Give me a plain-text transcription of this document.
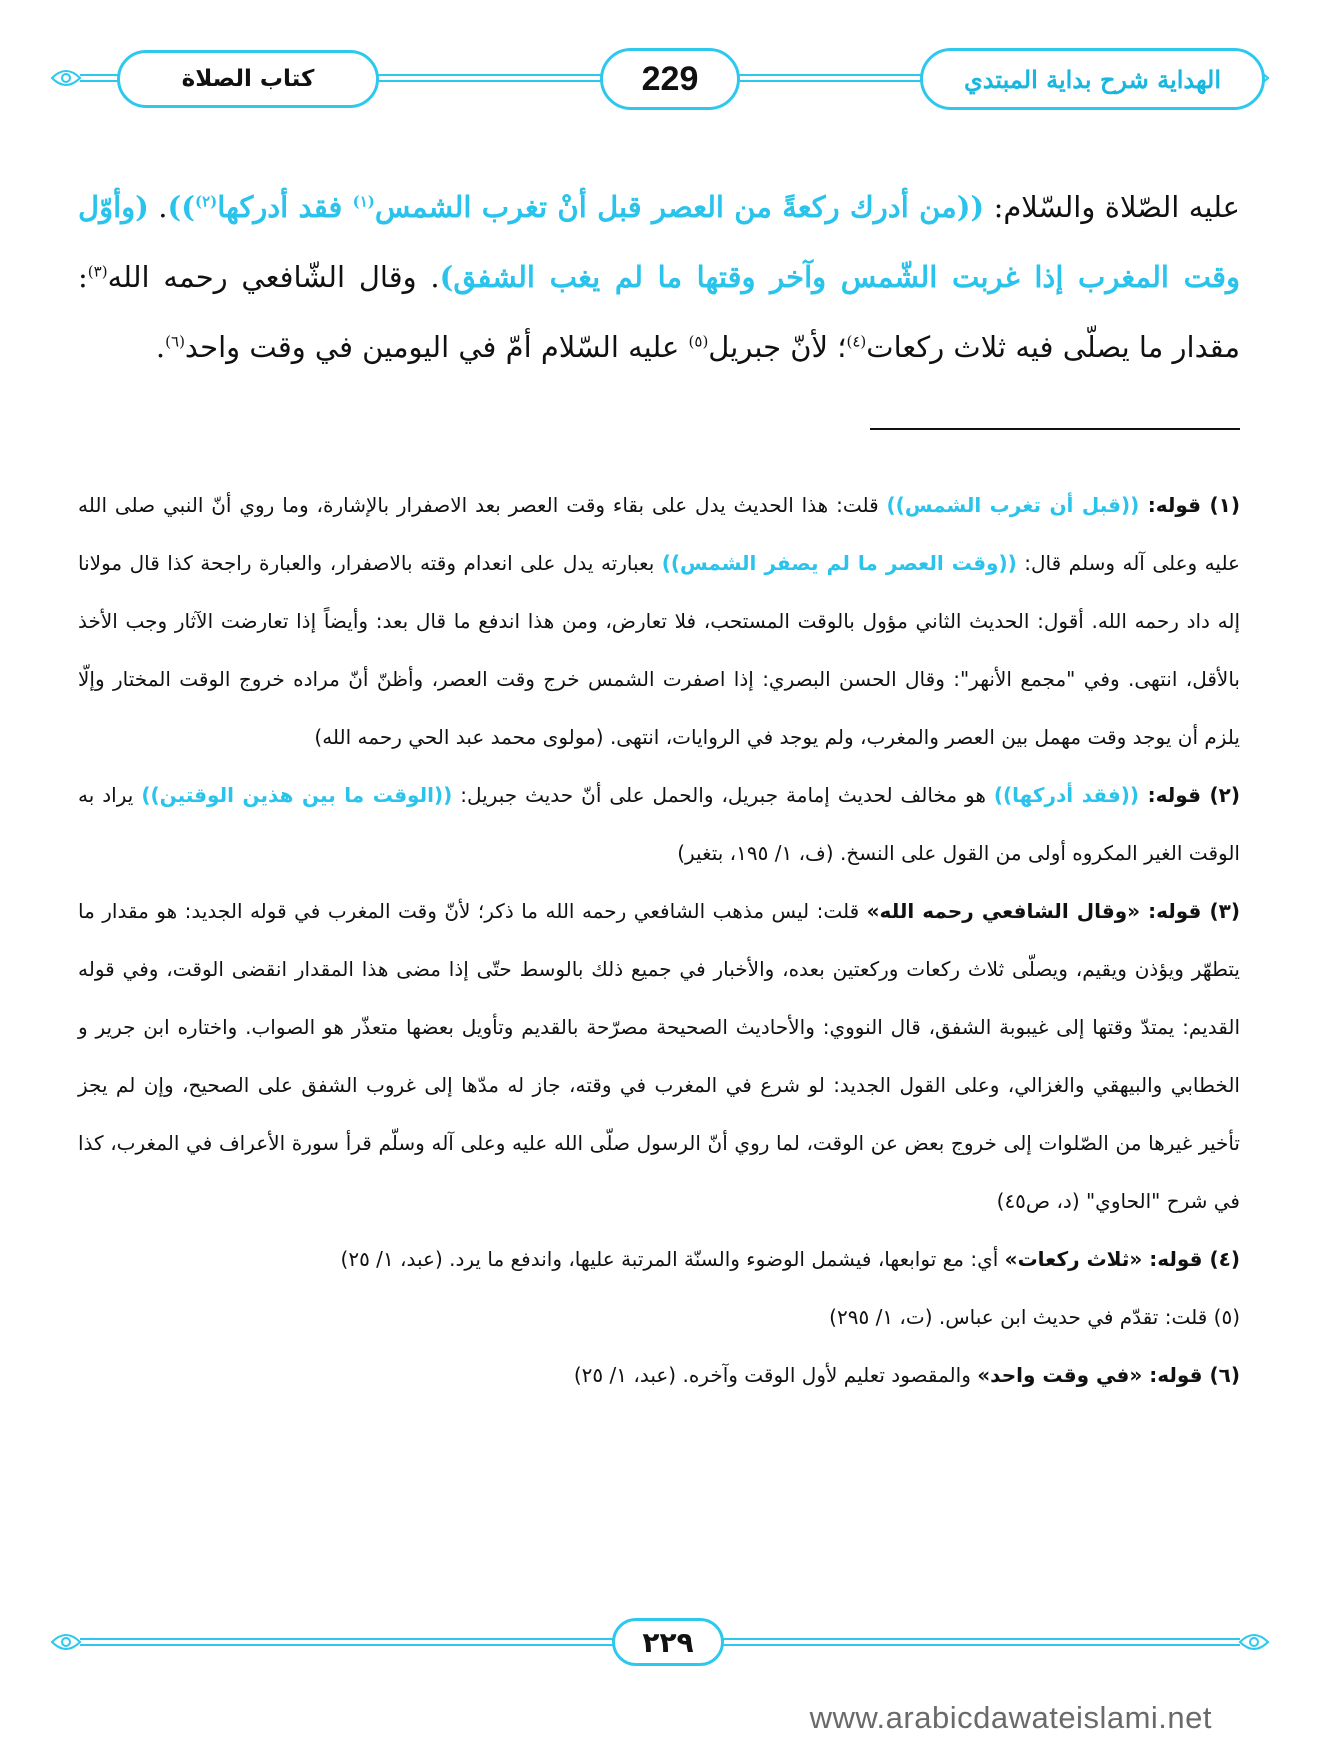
كتاب الصلاة	229	الهداية شرح بداية المبتدي
عليه الصّلاة والسّلام: ((من أدرك ركعةً من العصر قبل أنْ تغرب الشمس$^{(١)}$ فقد أدركها$^{(٢)}$)). (وأوّل وقت المغرب إذا غربت الشّمس وآخر وقتها ما لم يغب الشفق). وقال الشّافعي رحمه الله$^{(٣)}$: مقدار ما يصلّى فيه ثلاث ركعات$^{(٤)}$؛ لأنّ جبريل$^{(٥)}$ عليه السّلام أمّ في اليومين في وقت واحد$^{(٦)}$.

(١) قوله: ((قبل أن تغرب الشمس)) قلت: هذا الحديث يدل على بقاء وقت العصر بعد الاصفرار بالإشارة، وما روي أنّ النبي صلى الله عليه وعلى آله وسلم قال: ((وقت العصر ما لم يصفر الشمس)) بعبارته يدل على انعدام وقته بالاصفرار، والعبارة راجحة كذا قال مولانا إله داد رحمه الله. أقول: الحديث الثاني مؤول بالوقت المستحب، فلا تعارض، ومن هذا اندفع ما قال بعد: وأيضاً إذا تعارضت الآثار وجب الأخذ بالأقل، انتهى. وفي "مجمع الأنهر": وقال الحسن البصري: إذا اصفرت الشمس خرج وقت العصر، وأظنّ أنّ مراده خروج الوقت المختار وإلّا يلزم أن يوجد وقت مهمل بين العصر والمغرب، ولم يوجد في الروايات، انتهى. (مولوى محمد عبد الحي رحمه الله)

(٢) قوله: ((فقد أدركها)) هو مخالف لحديث إمامة جبريل، والحمل على أنّ حديث جبريل: ((الوقت ما بين هذين الوقتين)) يراد به الوقت الغير المكروه أولى من القول على النسخ. (ف، ١/ ١٩٥، بتغير)

(٣) قوله: «وقال الشافعي رحمه الله» قلت: ليس مذهب الشافعي رحمه الله ما ذكر؛ لأنّ وقت المغرب في قوله الجديد: هو مقدار ما يتطهّر ويؤذن ويقيم، ويصلّى ثلاث ركعات وركعتين بعده، والأخبار في جميع ذلك بالوسط حتّى إذا مضى هذا المقدار انقضى الوقت، وفي قوله القديم: يمتدّ وقتها إلى غيبوبة الشفق، قال النووي: والأحاديث الصحيحة مصرّحة بالقديم وتأويل بعضها متعذّر هو الصواب. واختاره ابن جرير و الخطابي والبيهقي والغزالي، وعلى القول الجديد: لو شرع في المغرب في وقته، جاز له مدّها إلى غروب الشفق على الصحيح، وإن لم يجز تأخير غيرها من الصّلوات إلى خروج بعض عن الوقت، لما روي أنّ الرسول صلّى الله عليه وعلى آله وسلّم قرأ سورة الأعراف في المغرب، كذا في شرح "الحاوي" (د، ص٤٥)

(٤) قوله: «ثلاث ركعات» أي: مع توابعها، فيشمل الوضوء والسنّة المرتبة عليها، واندفع ما يرد. (عبد، ١/ ٢٥)

(٥) قلت: تقدّم في حديث ابن عباس. (ت، ١/ ٢٩٥)

(٦) قوله: «في وقت واحد» والمقصود تعليم لأول الوقت وآخره. (عبد، ١/ ٢٥)

٢٢٩
www.arabicdawateislami.net
